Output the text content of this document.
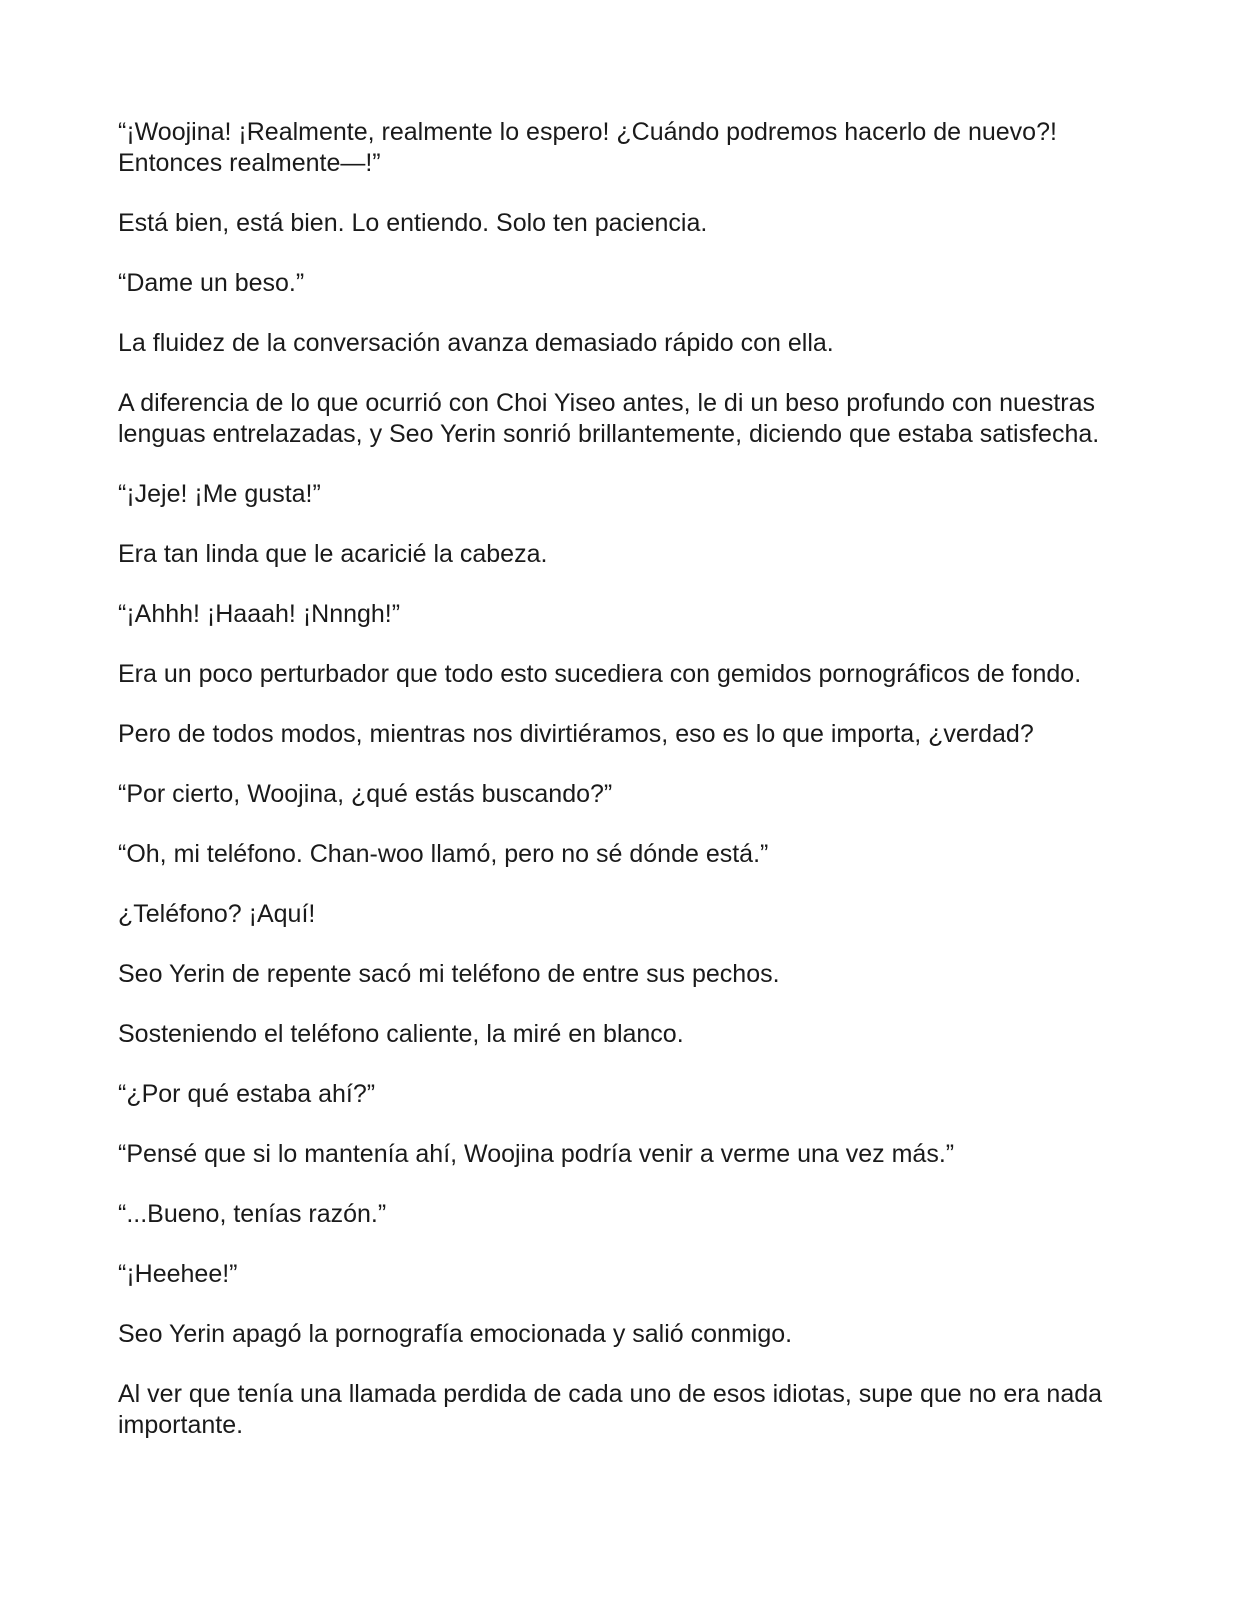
“¡Woojina! ¡Realmente, realmente lo espero! ¿Cuándo podremos hacerlo de nuevo?! Entonces realmente—!”

Está bien, está bien. Lo entiendo. Solo ten paciencia.

“Dame un beso.”

La fluidez de la conversación avanza demasiado rápido con ella.

A diferencia de lo que ocurrió con Choi Yiseo antes, le di un beso profundo con nuestras lenguas entrelazadas, y Seo Yerin sonrió brillantemente, diciendo que estaba satisfecha.

“¡Jeje! ¡Me gusta!”

Era tan linda que le acaricié la cabeza.

“¡Ahhh! ¡Haaah! ¡Nnngh!”

Era un poco perturbador que todo esto sucediera con gemidos pornográficos de fondo.

Pero de todos modos, mientras nos divirtiéramos, eso es lo que importa, ¿verdad?

“Por cierto, Woojina, ¿qué estás buscando?”

“Oh, mi teléfono. Chan-woo llamó, pero no sé dónde está.”

¿Teléfono? ¡Aquí!

Seo Yerin de repente sacó mi teléfono de entre sus pechos.

Sosteniendo el teléfono caliente, la miré en blanco.

“¿Por qué estaba ahí?”

“Pensé que si lo mantenía ahí, Woojina podría venir a verme una vez más.”

“...Bueno, tenías razón.”

“¡Heehee!”

Seo Yerin apagó la pornografía emocionada y salió conmigo.

Al ver que tenía una llamada perdida de cada uno de esos idiotas, supe que no era nada importante.
